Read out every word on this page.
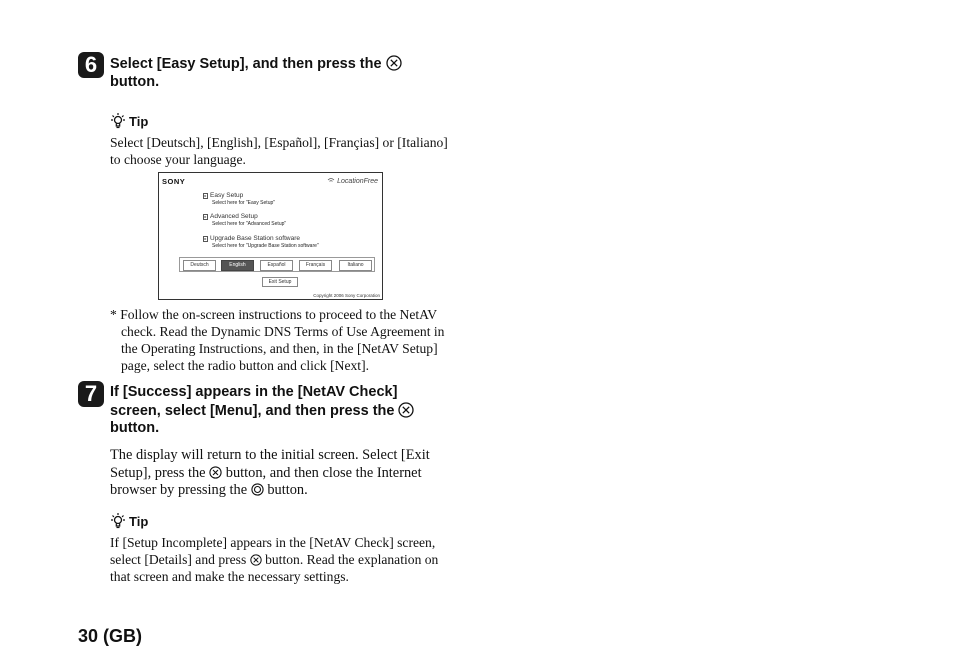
6 Select [Easy Setup], and then press the
button.
Tip
Select [Deutsch], [English], [Español], [Françias] or [Italiano]
to choose your language.
SONY	LocationFree
▸ Easy Setup
Select here for "Easy Setup"
▸ Advanced Setup
Select here for "Advanced Setup"
▸ Upgrade Base Station software
Select here for "Upgrade Base Station software"
Deutsch	English	Español	Français	Italiano
Exit Setup
Copyright 2006 Sony Corporation
* Follow the on-screen instructions to proceed to the NetAV
check. Read the Dynamic DNS Terms of Use Agreement in
the Operating Instructions, and then, in the [NetAV Setup]
page, select the radio button and click [Next].
7 If [Success] appears in the [NetAV Check]
screen, select [Menu], and then press the
button.
The display will return to the initial screen. Select [Exit
Setup], press the button, and then close the Internet
browser by pressing the button.
Tip
If [Setup Incomplete] appears in the [NetAV Check] screen,
select [Details] and press button. Read the explanation on
that screen and make the necessary settings.
30 (GB)
